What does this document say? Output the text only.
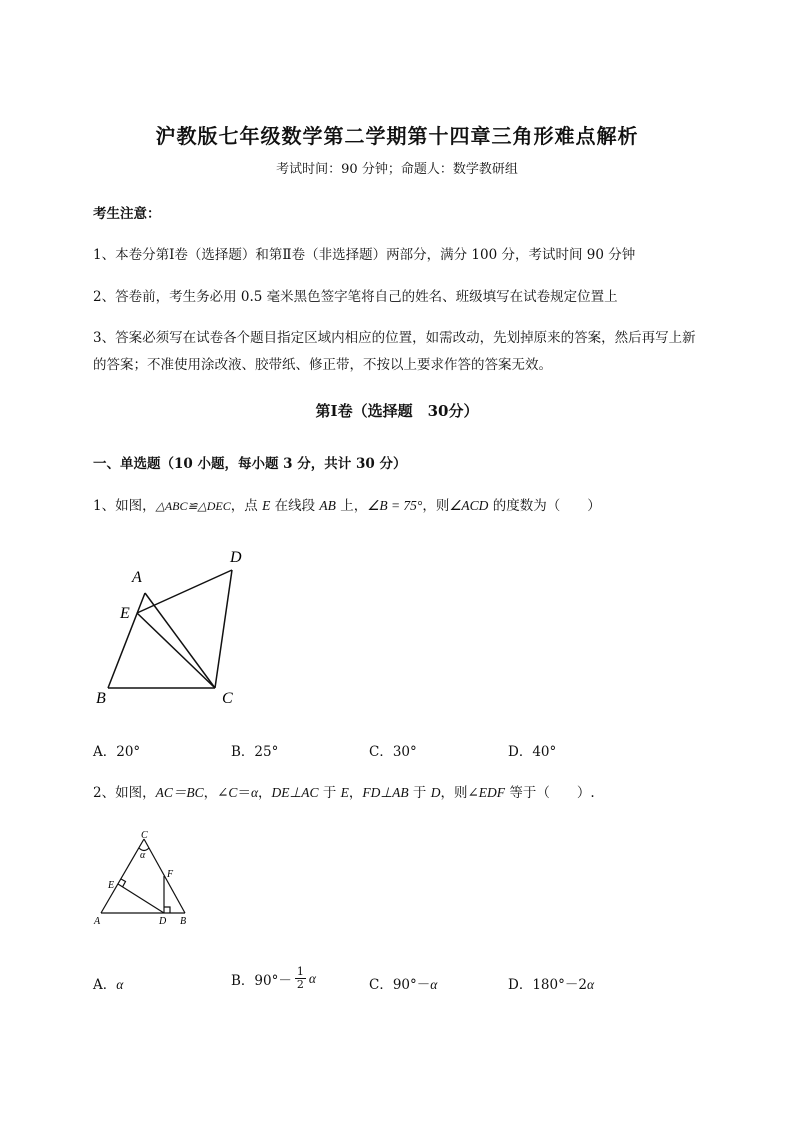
沪教版七年级数学第二学期第十四章三角形难点解析
考试时间：90 分钟；命题人：数学教研组
考生注意：
1、本卷分第Ⅰ卷（选择题）和第Ⅱ卷（非选择题）两部分，满分 100 分，考试时间 90 分钟
2、答卷前，考生务必用 0.5 毫米黑色签字笔将自己的姓名、班级填写在试卷规定位置上
3、答案必须写在试卷各个题目指定区域内相应的位置，如需改动，先划掉原来的答案，然后再写上新
的答案；不准使用涂改液、胶带纸、修正带，不按以上要求作答的答案无效。
第Ⅰ卷（选择题　30分）
一、单选题（10 小题，每小题 3 分，共计 30 分）
1、如图，△ABC≌△DEC，点 E 在线段 AB 上，∠B = 75°，则∠ACD 的度数为（　　）
A
B	C
D
E
A．20°	B．25°	C．30°	D．40°
2、如图，AC＝BC，∠C＝α，DE⊥AC 于 E，FD⊥AB 于 D，则∠EDF 等于（　　）.
C
α
F
E
A	D B
A．α	B．$90^\circ- \frac{1}{2}$ α	C．90°－α	D．180°－2α
